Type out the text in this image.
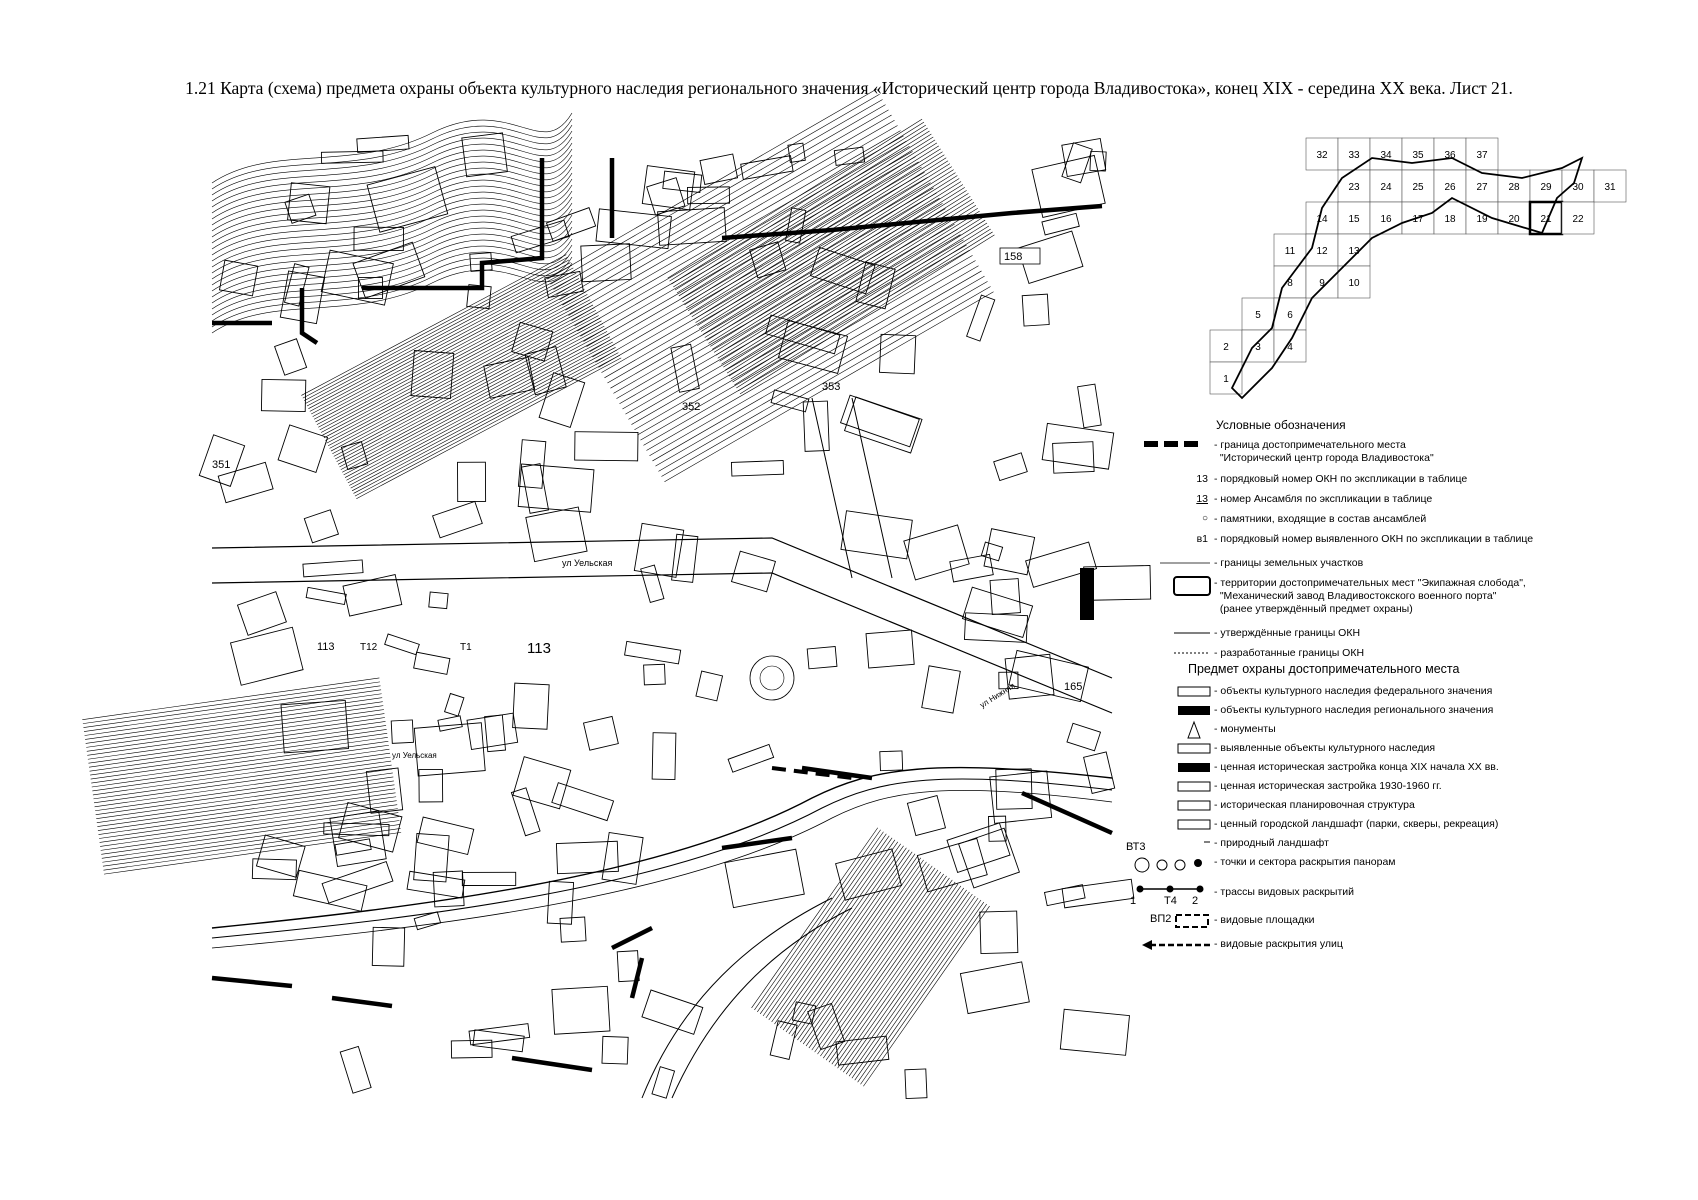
1.21 Карта (схема) предмета охраны объекта культурного наследия регионального значения «Исторический центр города Владивостока», конец XIX - середина XX века. Лист 21.
ул Уельская
ул Уельская
ул Нижняя
158
353
352
351
113	113
165
Т12	Т1
32 33 34 35 36 37
23 24 25 26 27 28 29 30 31
14 15 16 17 18 19 20 21 22
11 12 13
8	9 10
5	6
2	3	4
1
Условные обозначения
- граница достопримечательного места
"Исторический центр города Владивостока"
13 - порядковый номер ОКН по экспликации в таблице
13 - номер Ансамбля по экспликации в таблице
○ - памятники, входящие в состав ансамблей
в1 - порядковый номер выявленного ОКН по экспликации в таблице
- границы земельных участков
- территории достопримечательных мест "Экипажная слобода",
"Механический завод Владивостокского военного порта"
(ранее утверждённый предмет охраны)
- утверждённые границы ОКН
- разработанные границы ОКН
Предмет охраны достопримечательного места
- объекты культурного наследия федерального значения
- объекты культурного наследия регионального значения
- монументы
- выявленные объекты культурного наследия
- ценная историческая застройка конца XIX начала XX вв.
- ценная историческая застройка 1930-1960 гг.
- историческая планировочная структура
- ценный городской ландшафт (парки, скверы, рекреация)
- природный ландшафт
ВТ3
- точки и сектора раскрытия панорам
1	Т4 2
- трассы видовых раскрытий
ВП2	- видовые площадки
- видовые раскрытия улиц
